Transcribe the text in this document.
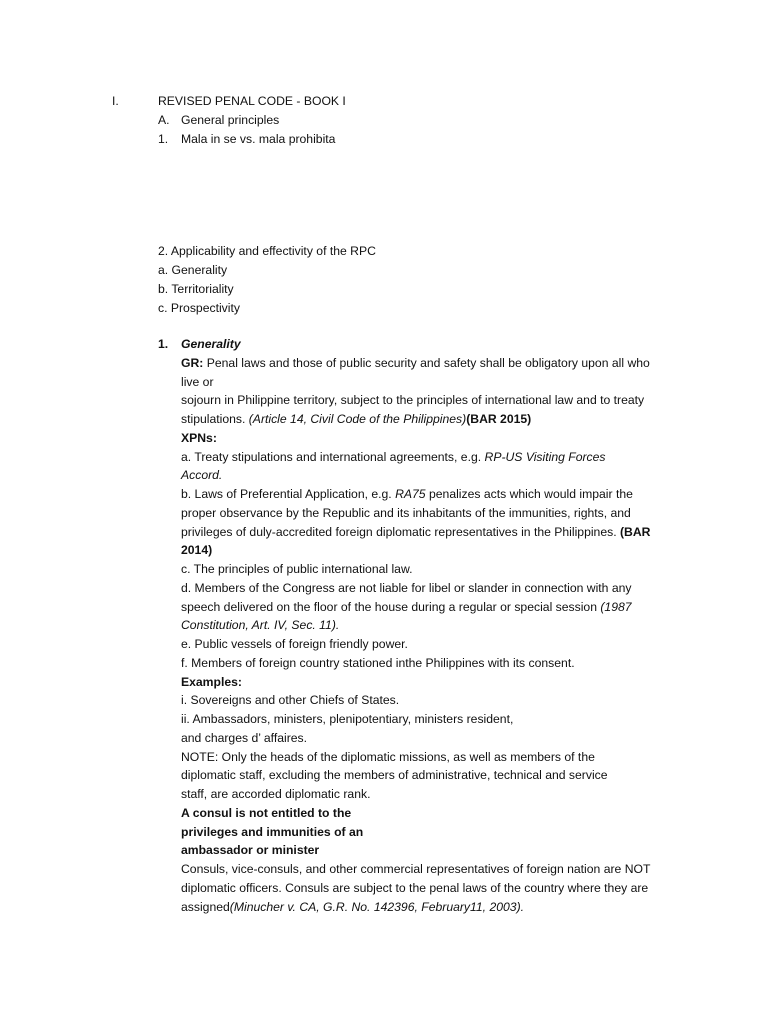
I.	REVISED PENAL CODE - BOOK I
A. General principles
1. Mala in se vs. mala prohibita
2. Applicability and effectivity of the RPC
a. Generality
b. Territoriality
c. Prospectivity
1. Generality
GR: Penal laws and those of public security and safety shall be obligatory upon all who
live or
sojourn in Philippine territory, subject to the principles of international law and to treaty
stipulations. (Article 14, Civil Code of the Philippines)(BAR 2015)
XPNs:
a. Treaty stipulations and international agreements, e.g. RP-US Visiting Forces
Accord.
b. Laws of Preferential Application, e.g. RA75 penalizes acts which would impair the
proper observance by the Republic and its inhabitants of the immunities, rights, and
privileges of duly-accredited foreign diplomatic representatives in the Philippines. (BAR
2014)
c. The principles of public international law.
d. Members of the Congress are not liable for libel or slander in connection with any
speech delivered on the floor of the house during a regular or special session (1987
Constitution, Art. IV, Sec. 11).
e. Public vessels of foreign friendly power.
f. Members of foreign country stationed inthe Philippines with its consent.
Examples:
i. Sovereigns and other Chiefs of States.
ii. Ambassadors, ministers, plenipotentiary, ministers resident,
and charges d’ affaires.
NOTE: Only the heads of the diplomatic missions, as well as members of the
diplomatic staff, excluding the members of administrative, technical and service
staff, are accorded diplomatic rank.
A consul is not entitled to the
privileges and immunities of an
ambassador or minister
Consuls, vice-consuls, and other commercial representatives of foreign nation are NOT
diplomatic officers. Consuls are subject to the penal laws of the country where they are
assigned(Minucher v. CA, G.R. No. 142396, February11, 2003).
